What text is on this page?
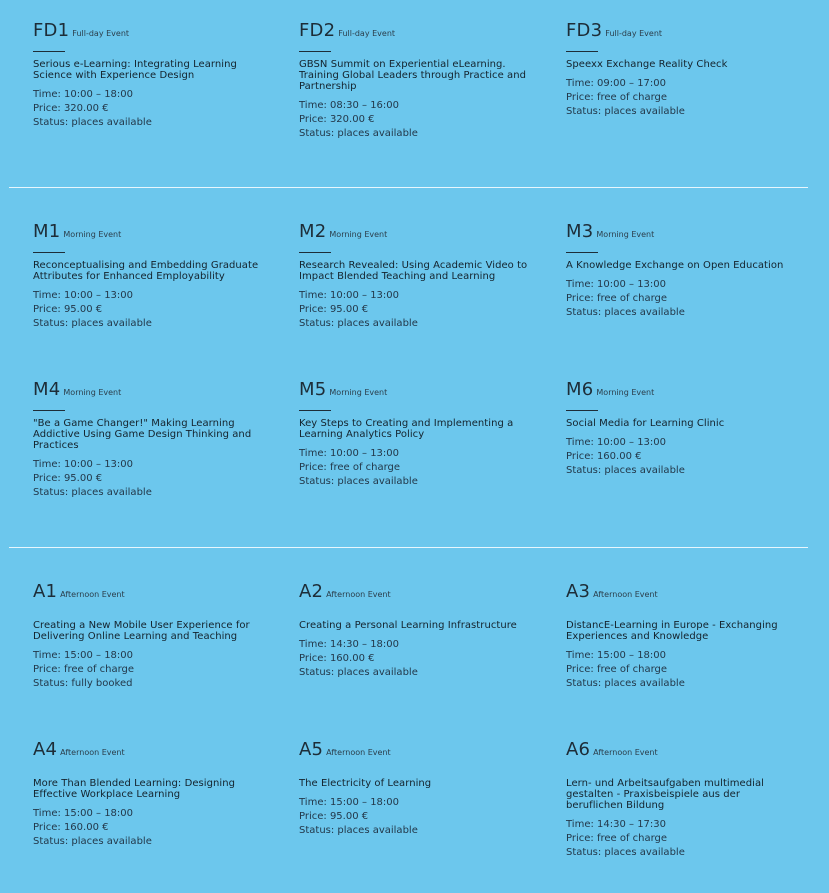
FD1 Full-day Event
Serious e-Learning: Integrating Learning Science with Experience Design
Time: 10:00 – 18:00
Price: 320.00 €
Status: places available
FD2 Full-day Event
GBSN Summit on Experiential eLearning. Training Global Leaders through Practice and Partnership
Time: 08:30 – 16:00
Price: 320.00 €
Status: places available
FD3 Full-day Event
Speexx Exchange Reality Check
Time: 09:00 – 17:00
Price: free of charge
Status: places available
M1 Morning Event
Reconceptualising and Embedding Graduate Attributes for Enhanced Employability
Time: 10:00 – 13:00
Price: 95.00 €
Status: places available
M2 Morning Event
Research Revealed: Using Academic Video to Impact Blended Teaching and Learning
Time: 10:00 – 13:00
Price: 95.00 €
Status: places available
M3 Morning Event
A Knowledge Exchange on Open Education
Time: 10:00 – 13:00
Price: free of charge
Status: places available
M4 Morning Event
"Be a Game Changer!" Making Learning Addictive Using Game Design Thinking and Practices
Time: 10:00 – 13:00
Price: 95.00 €
Status: places available
M5 Morning Event
Key Steps to Creating and Implementing a Learning Analytics Policy
Time: 10:00 – 13:00
Price: free of charge
Status: places available
M6 Morning Event
Social Media for Learning Clinic
Time: 10:00 – 13:00
Price: 160.00 €
Status: places available
A1 Afternoon Event
Creating a New Mobile User Experience for Delivering Online Learning and Teaching
Time: 15:00 – 18:00
Price: free of charge
Status: fully booked
A2 Afternoon Event
Creating a Personal Learning Infrastructure
Time: 14:30 – 18:00
Price: 160.00 €
Status: places available
A3 Afternoon Event
DistancE-Learning in Europe - Exchanging Experiences and Knowledge
Time: 15:00 – 18:00
Price: free of charge
Status: places available
A4 Afternoon Event
More Than Blended Learning: Designing Effective Workplace Learning
Time: 15:00 – 18:00
Price: 160.00 €
Status: places available
A5 Afternoon Event
The Electricity of Learning
Time: 15:00 – 18:00
Price: 95.00 €
Status: places available
A6 Afternoon Event
Lern- und Arbeitsaufgaben multimedial gestalten - Praxisbeispiele aus der beruflichen Bildung
Time: 14:30 – 17:30
Price: free of charge
Status: places available
